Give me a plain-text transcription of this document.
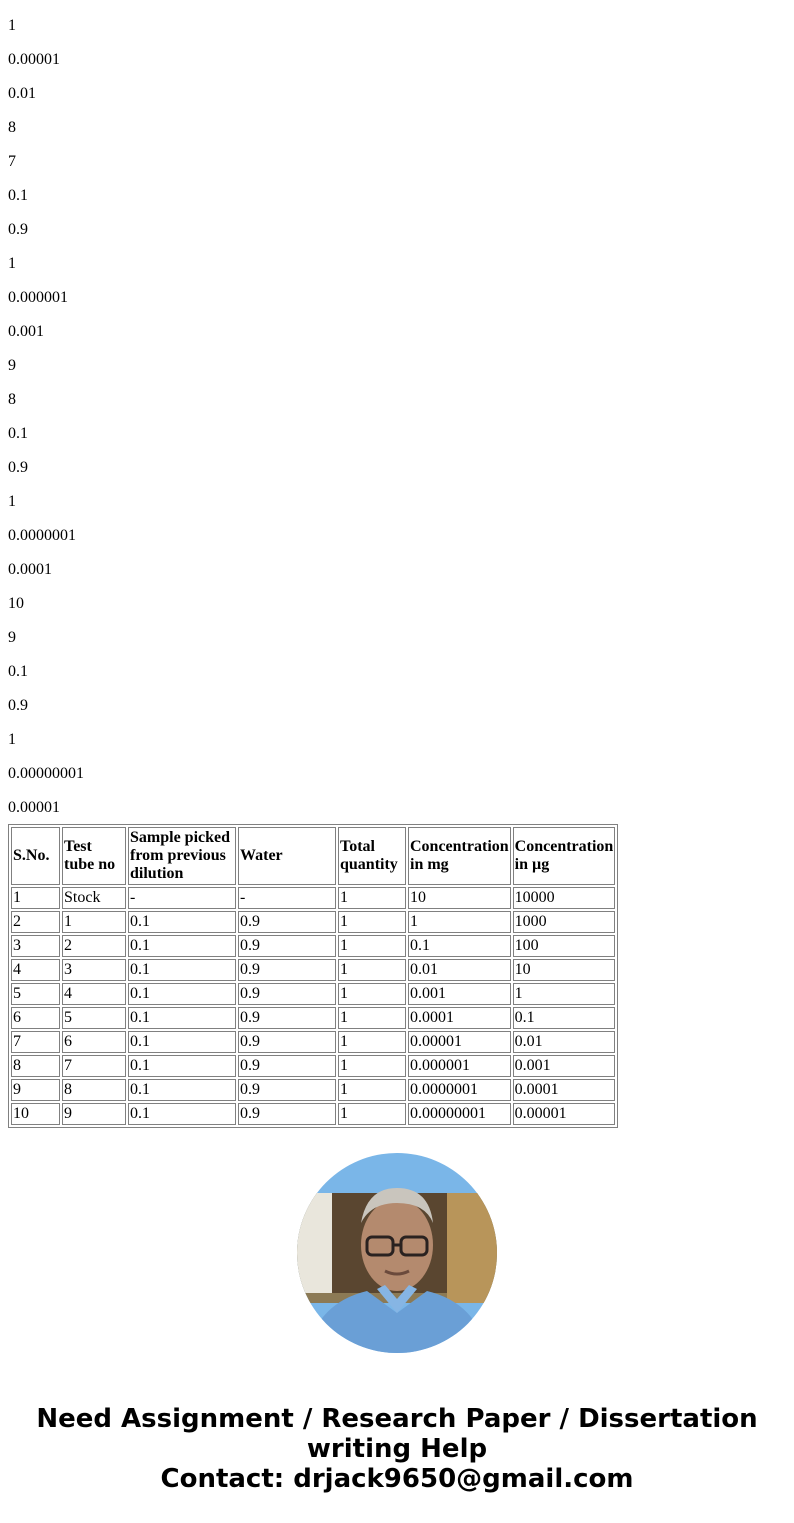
1

0.00001

0.01

8

7

0.1

0.9

1

0.000001

0.001

9

8

0.1

0.9

1

0.0000001

0.0001

10

9

0.1

0.9

1

0.00000001

0.00001

S.No.	Test tube no	Sample picked from previous dilution	Water	Total quantity	Concentration in mg	Concentration in µg
1	Stock	-	-	1	10	10000
2	1	0.1	0.9	1	1	1000
3	2	0.1	0.9	1	0.1	100
4	3	0.1	0.9	1	0.01	10
5	4	0.1	0.9	1	0.001	1
6	5	0.1	0.9	1	0.0001	0.1
7	6	0.1	0.9	1	0.00001	0.01
8	7	0.1	0.9	1	0.000001	0.001
9	8	0.1	0.9	1	0.0000001	0.0001
10	9	0.1	0.9	1	0.00000001	0.00001
Need Assignment / Research Paper / Dissertation writing Help
Contact: drjack9650@gmail.com
